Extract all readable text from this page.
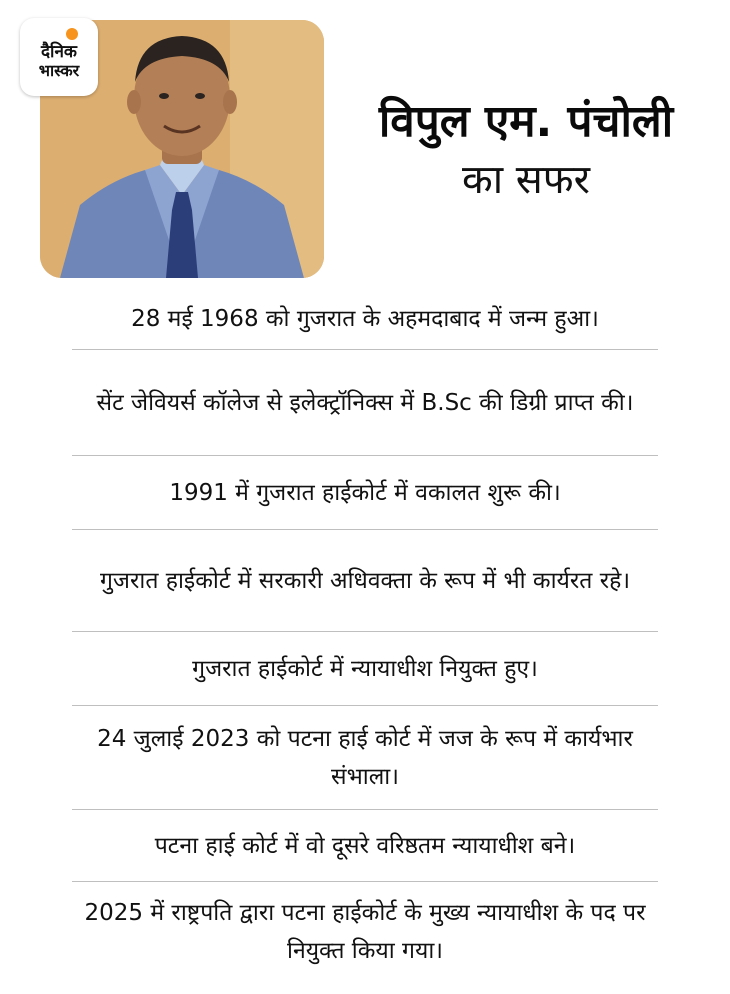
दैनिक
भास्कर
विपुल एम. पंचोली
का सफर
28 मई 1968 को गुजरात के अहमदाबाद में जन्म हुआ।
सेंट जेवियर्स कॉलेज से इलेक्ट्रॉनिक्स में B.Sc की डिग्री प्राप्त की।
1991 में गुजरात हाईकोर्ट में वकालत शुरू की।
गुजरात हाईकोर्ट में सरकारी अधिवक्ता के रूप में भी कार्यरत रहे।
गुजरात हाईकोर्ट में न्यायाधीश नियुक्त हुए।
24 जुलाई 2023 को पटना हाई कोर्ट में जज के रूप में कार्यभार संभाला।
पटना हाई कोर्ट में वो दूसरे वरिष्ठतम न्यायाधीश बने।
2025 में राष्ट्रपति द्वारा पटना हाईकोर्ट के मुख्य न्यायाधीश के पद पर नियुक्त किया गया।
